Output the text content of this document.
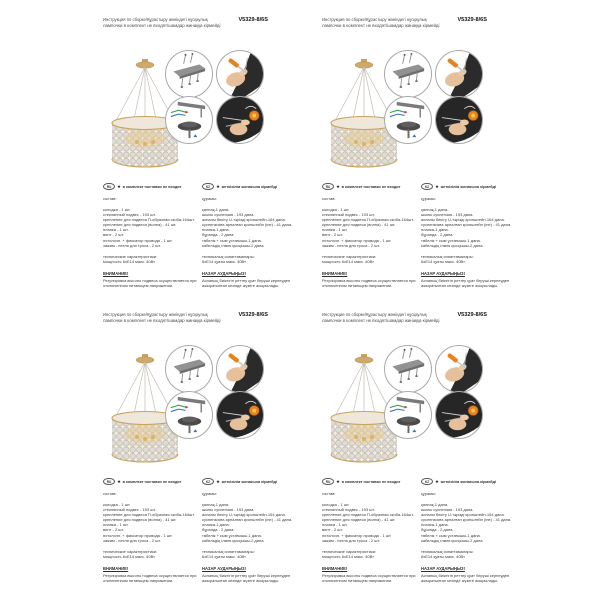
Инструкция по сборке/Құрастыру жөніндегі нұсқаулық	V5329-8/6S
лампочки в комплект не входят/шамдар жинаққа кірмейді
RU	★ в комплект поставки не входит
состав:
колодка - 1 шт.
стеклянный подвес - 193 шт.
крепление для подвеса П-образная скоба-164шт.
крепление для подвеса (волна) - 41 шт.
планка - 1 шт.
винт - 2 шт.
потолочн. + фиксатор провода - 1 шт.
зажим - петля для троса - 2 шт.
технические характеристики:
мощность 6хЕ14 макс. 40Вт
ВНИМАНИЕ!
Регулировка высоты подвеса осуществляется при отключенном питающем напряжении.
KZ	★ жеткізілім жинағына кірмейді
құрамы:
қалпақ-1 дана.
шыны суспензия - 193 дана.
аспалы бекіту U-тәрізді кронштейн-164 дана.
суспензияға арналған кронштейн (іне) - 41 дана.
планка-1 дана.
бұранда - 2 дана.
төбелік + сым ұстағышы-1 дана.
кабельдің ілмек қысқышы-2 дана.
техникалық сипаттамалары:
6хЕ14 қуаты макс. 40Вт
НАЗАР АУДАРЫҢЫЗ!
Аспаның биіктігін реттеу қуат беруші кернеуден ажыратылған кезінде жүзеге асырылады.
Инструкция по сборке/Құрастыру жөніндегі нұсқаулық	V5329-8/6S
лампочки в комплект не входят/шамдар жинаққа кірмейді
RU	★ в комплект поставки не входит
состав:
колодка - 1 шт.
стеклянный подвес - 193 шт.
крепление для подвеса П-образная скоба-164шт.
крепление для подвеса (волна) - 41 шт.
планка - 1 шт.
винт - 2 шт.
потолочн. + фиксатор провода - 1 шт.
зажим - петля для троса - 2 шт.
технические характеристики:
мощность 6хЕ14 макс. 40Вт
ВНИМАНИЕ!
Регулировка высоты подвеса осуществляется при отключенном питающем напряжении.
KZ	★ жеткізілім жинағына кірмейді
құрамы:
қалпақ-1 дана.
шыны суспензия - 193 дана.
аспалы бекіту U-тәрізді кронштейн-164 дана.
суспензияға арналған кронштейн (іне) - 41 дана.
планка-1 дана.
бұранда - 2 дана.
төбелік + сым ұстағышы-1 дана.
кабельдің ілмек қысқышы-2 дана.
техникалық сипаттамалары:
6хЕ14 қуаты макс. 40Вт
НАЗАР АУДАРЫҢЫЗ!
Аспаның биіктігін реттеу қуат беруші кернеуден ажыратылған кезінде жүзеге асырылады.
Инструкция по сборке/Құрастыру жөніндегі нұсқаулық	V5329-8/6S
лампочки в комплект не входят/шамдар жинаққа кірмейді
RU	★ в комплект поставки не входит
состав:
колодка - 1 шт.
стеклянный подвес - 193 шт.
крепление для подвеса П-образная скоба-164шт.
крепление для подвеса (волна) - 41 шт.
планка - 1 шт.
винт - 2 шт.
потолочн. + фиксатор провода - 1 шт.
зажим - петля для троса - 2 шт.
технические характеристики:
мощность 6хЕ14 макс. 40Вт
ВНИМАНИЕ!
Регулировка высоты подвеса осуществляется при отключенном питающем напряжении.
KZ	★ жеткізілім жинағына кірмейді
құрамы:
қалпақ-1 дана.
шыны суспензия - 193 дана.
аспалы бекіту U-тәрізді кронштейн-164 дана.
суспензияға арналған кронштейн (іне) - 41 дана.
планка-1 дана.
бұранда - 2 дана.
төбелік + сым ұстағышы-1 дана.
кабельдің ілмек қысқышы-2 дана.
техникалық сипаттамалары:
6хЕ14 қуаты макс. 40Вт
НАЗАР АУДАРЫҢЫЗ!
Аспаның биіктігін реттеу қуат беруші кернеуден ажыратылған кезінде жүзеге асырылады.
Инструкция по сборке/Құрастыру жөніндегі нұсқаулық	V5329-8/6S
лампочки в комплект не входят/шамдар жинаққа кірмейді
RU	★ в комплект поставки не входит
состав:
колодка - 1 шт.
стеклянный подвес - 193 шт.
крепление для подвеса П-образная скоба-164шт.
крепление для подвеса (волна) - 41 шт.
планка - 1 шт.
винт - 2 шт.
потолочн. + фиксатор провода - 1 шт.
зажим - петля для троса - 2 шт.
технические характеристики:
мощность 6хЕ14 макс. 40Вт
ВНИМАНИЕ!
Регулировка высоты подвеса осуществляется при отключенном питающем напряжении.
KZ	★ жеткізілім жинағына кірмейді
құрамы:
қалпақ-1 дана.
шыны суспензия - 193 дана.
аспалы бекіту U-тәрізді кронштейн-164 дана.
суспензияға арналған кронштейн (іне) - 41 дана.
планка-1 дана.
бұранда - 2 дана.
төбелік + сым ұстағышы-1 дана.
кабельдің ілмек қысқышы-2 дана.
техникалық сипаттамалары:
6хЕ14 қуаты макс. 40Вт
НАЗАР АУДАРЫҢЫЗ!
Аспаның биіктігін реттеу қуат беруші кернеуден ажыратылған кезінде жүзеге асырылады.
